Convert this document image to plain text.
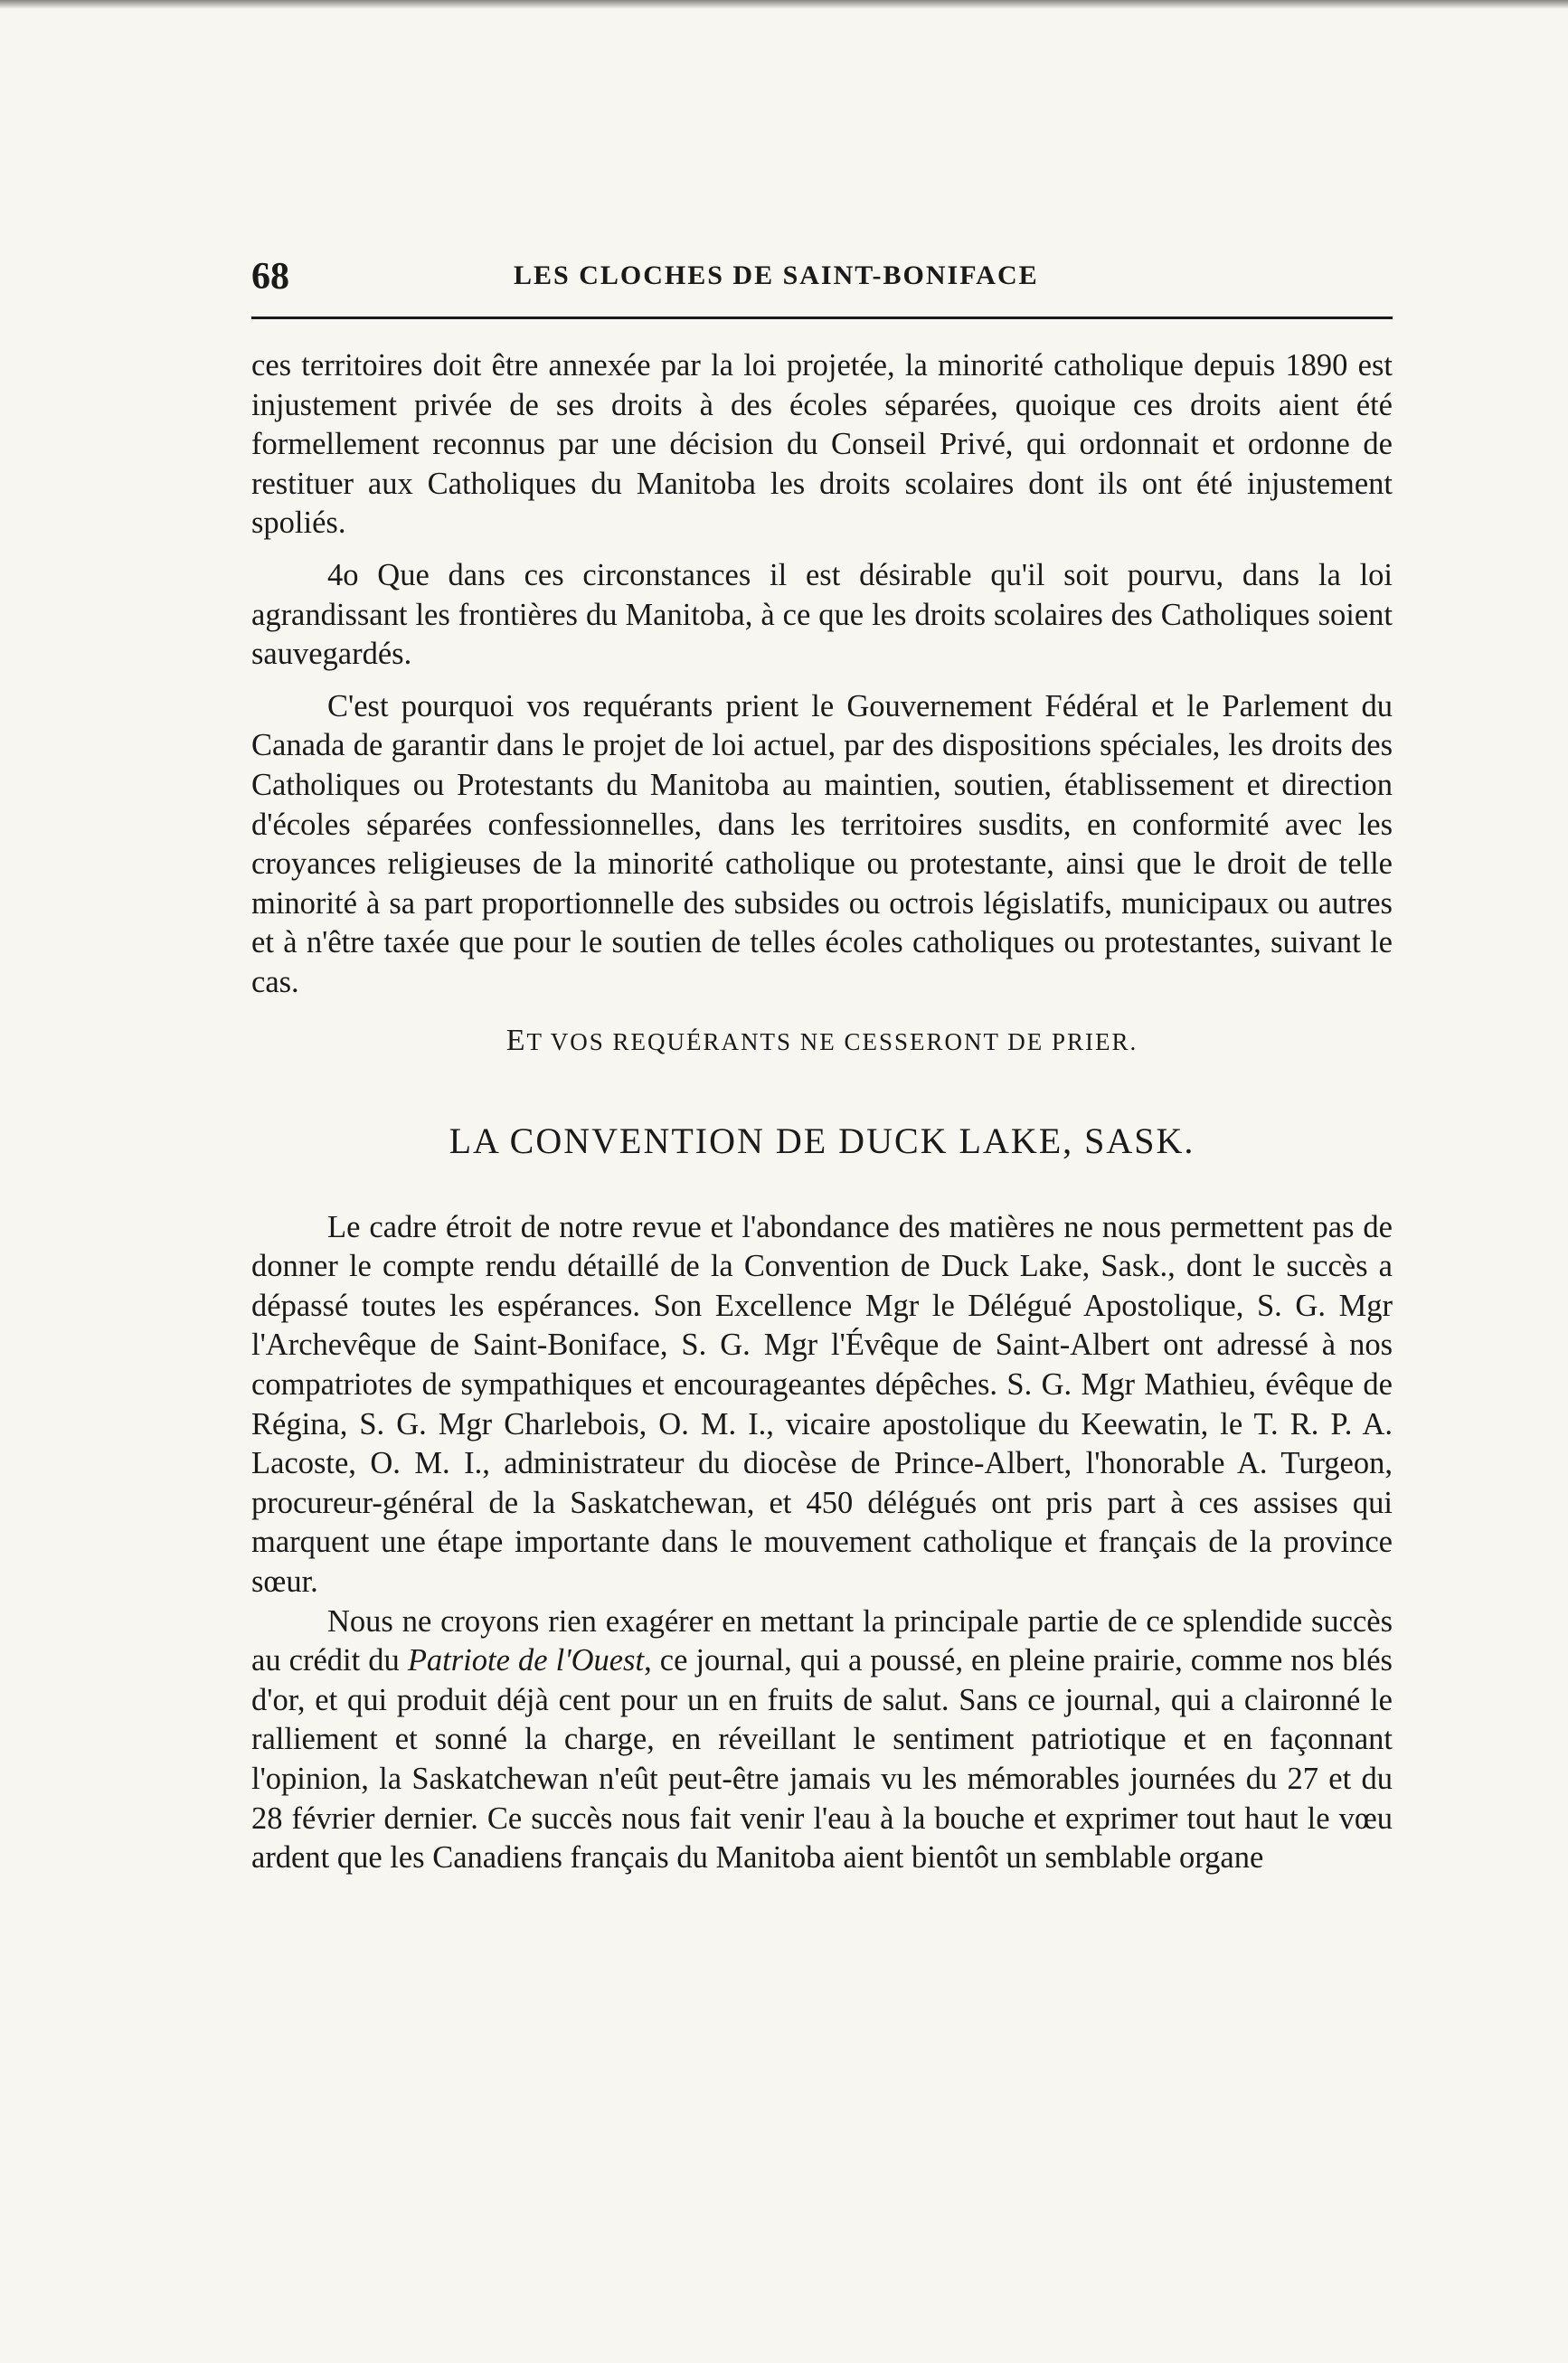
68	LES CLOCHES DE SAINT-BONIFACE

ces territoires doit être annexée par la loi projetée, la minorité catholique depuis 1890 est injustement privée de ses droits à des écoles séparées, quoique ces droits aient été formellement reconnus par une décision du Conseil Privé, qui ordonnait et ordonne de restituer aux Catholiques du Manitoba les droits scolaires dont ils ont été injustement spoliés.

4o Que dans ces circonstances il est désirable qu'il soit pourvu, dans la loi agrandissant les frontières du Manitoba, à ce que les droits scolaires des Catholiques soient sauvegardés.

C'est pourquoi vos requérants prient le Gouvernement Fédéral et le Parlement du Canada de garantir dans le projet de loi actuel, par des dispositions spéciales, les droits des Catholiques ou Protestants du Manitoba au maintien, soutien, établissement et direction d'écoles séparées confessionnelles, dans les territoires susdits, en conformité avec les croyances religieuses de la minorité catholique ou protestante, ainsi que le droit de telle minorité à sa part proportionnelle des subsides ou octrois législatifs, municipaux ou autres et à n'être taxée que pour le soutien de telles écoles catholiques ou protestantes, suivant le cas.

ET VOS REQUÉRANTS NE CESSERONT DE PRIER.

LA CONVENTION DE DUCK LAKE, SASK.

Le cadre étroit de notre revue et l'abondance des matières ne nous permettent pas de donner le compte rendu détaillé de la Convention de Duck Lake, Sask., dont le succès a dépassé toutes les espérances. Son Excellence Mgr le Délégué Apostolique, S. G. Mgr l'Archevêque de Saint-Boniface, S. G. Mgr l'Évêque de Saint-Albert ont adressé à nos compatriotes de sympathiques et encourageantes dépêches. S. G. Mgr Mathieu, évêque de Régina, S. G. Mgr Charlebois, O. M. I., vicaire apostolique du Keewatin, le T. R. P. A. Lacoste, O. M. I., administrateur du diocèse de Prince-Albert, l'honorable A. Turgeon, procureur-général de la Saskatchewan, et 450 délégués ont pris part à ces assises qui marquent une étape importante dans le mouvement catholique et français de la province sœur.

Nous ne croyons rien exagérer en mettant la principale partie de ce splendide succès au crédit du Patriote de l'Ouest, ce journal, qui a poussé, en pleine prairie, comme nos blés d'or, et qui produit déjà cent pour un en fruits de salut. Sans ce journal, qui a claironné le ralliement et sonné la charge, en réveillant le sentiment patriotique et en façonnant l'opinion, la Saskatchewan n'eût peut-être jamais vu les mémorables journées du 27 et du 28 février dernier. Ce succès nous fait venir l'eau à la bouche et exprimer tout haut le vœu ardent que les Canadiens français du Manitoba aient bientôt un semblable organe
